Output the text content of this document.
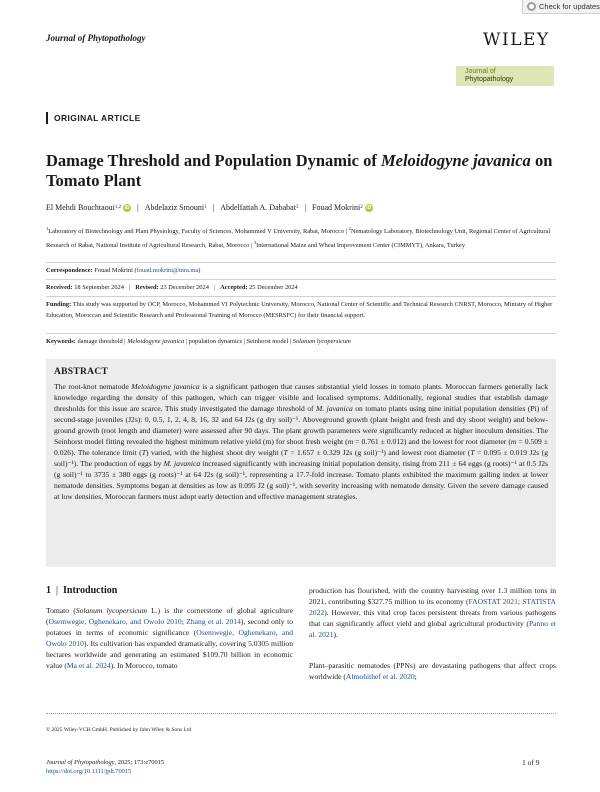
Check for updates
Journal of Phytopathology	WILEY
Journal of
Phytopathology
ORIGINAL ARTICLE
Damage Threshold and Population Dynamic of Meloidogyne javanica on Tomato Plant
El Mehdi Bouchtaoui 1,2 iD | Abdelaziz Smouni 1 | Abdelfattah A. Dababat 3 | Fouad Mokrini 2 iD
$^1$Laboratory of Biotechnology and Plant Physiology, Faculty of Sciences, Mohammed V University, Rabat, Morocco | $^2$Nematology Laboratory, Biotechnology Unit, Regional Center of Agricultural Research of Rabat, National Institute of Agricultural Research, Rabat, Morocco | $^3$International Maize and Wheat Improvement Center (CIMMYT), Ankara, Turkey
Correspondence: Fouad Mokrini (fouad.mokrini@inra.ma)
Received: 18 September 2024	| Revised: 23 December 2024	| Accepted: 25 December 2024
Funding: This study was supported by OCP, Morocco, Mohammed VI Polytechnic University, Morocco, National Center of Scientific and Technical Research CNRST, Morocco, Ministry of Higher Education, Moroccan and Scientific Research and Professional Training of Morocco (MESRSFC) for their financial support.
Keywords: damage threshold | Meloidogyne javanica | population dynamics | Seinhorst model | Solanum lycopersicum
ABSTRACT

The root-knot nematode Meloidogyne javanica is a significant pathogen that causes substantial yield losses in tomato plants. Moroccan farmers generally lack knowledge regarding the density of this pathogen, which can trigger visible and localised symptoms. Additionally, regional studies that establish damage thresholds for this issue are scarce. This study investigated the damage threshold of M. javanica on tomato plants using nine initial population densities (Pi) of second-stage juveniles (J2s): 0, 0.5, 1, 2, 4, 8, 16, 32 and 64 J2s (g dry soil)⁻¹. Aboveground growth (plant height and fresh and dry shoot weight) and below-ground growth (root length and diameter) were assessed after 90 days. The plant growth parameters were significantly reduced at higher inoculum densities. The Seinhorst model fitting revealed the highest minimum relative yield (m) for shoot fresh weight (m = 0.761 ± 0.012) and the lowest for root diameter (m = 0.509 ± 0.026). The tolerance limit (T) varied, with the highest shoot dry weight (T = 1.657 ± 0.329 J2s (g soil)⁻¹) and lowest root diameter (T = 0.095 ± 0.019 J2s (g soil)⁻¹). The production of eggs by M. javanica increased significantly with increasing initial population density, rising from 211 ± 64 eggs (g roots)⁻¹ at 0.5 J2s (g soil)⁻¹ to 3735 ± 380 eggs (g roots)⁻¹ at 64 J2s (g soil)⁻¹, representing a 17.7-fold increase. Tomato plants exhibited the maximum galling index at lower nematode densities. Symptoms began at densities as low as 0.095 J2 (g soil)⁻¹, with severity increasing with nematode density. Given the severe damage caused at low densities, Moroccan farmers must adopt early detection and effective management strategies.

1 | Introduction

Tomato (Solanum lycopersicum L.) is the cornerstone of global agriculture (Osemwegie, Oghenekaro, and Owolo 2010; Zhang et al. 2014), second only to potatoes in terms of economic significance (Osemwegie, Oghenekaro, and Owolo 2010). Its cultivation has expanded dramatically, covering 5.0305 million hectares worldwide and generating an estimated $109.70 billion in economic value (Ma et al. 2024). In Morocco, tomato

production has flourished, with the country harvesting over 1.3 million tons in 2021, contributing $327.75 million to its economy (FAOSTAT 2021; STATISTA 2022). However, this vital crop faces persistent threats from various pathogens that can significantly affect yield and global agricultural productivity (Panno et al. 2021).

Plant–parasitic nematodes (PPNs) are devastating pathogens that affect crops worldwide (Almohithef et al. 2020;

© 2025 Wiley-VCH GmbH. Published by John Wiley & Sons Ltd
Journal of Phytopathology, 2025; 173:e70015
https://doi.org/10.1111/jph.70015
1 of 9
